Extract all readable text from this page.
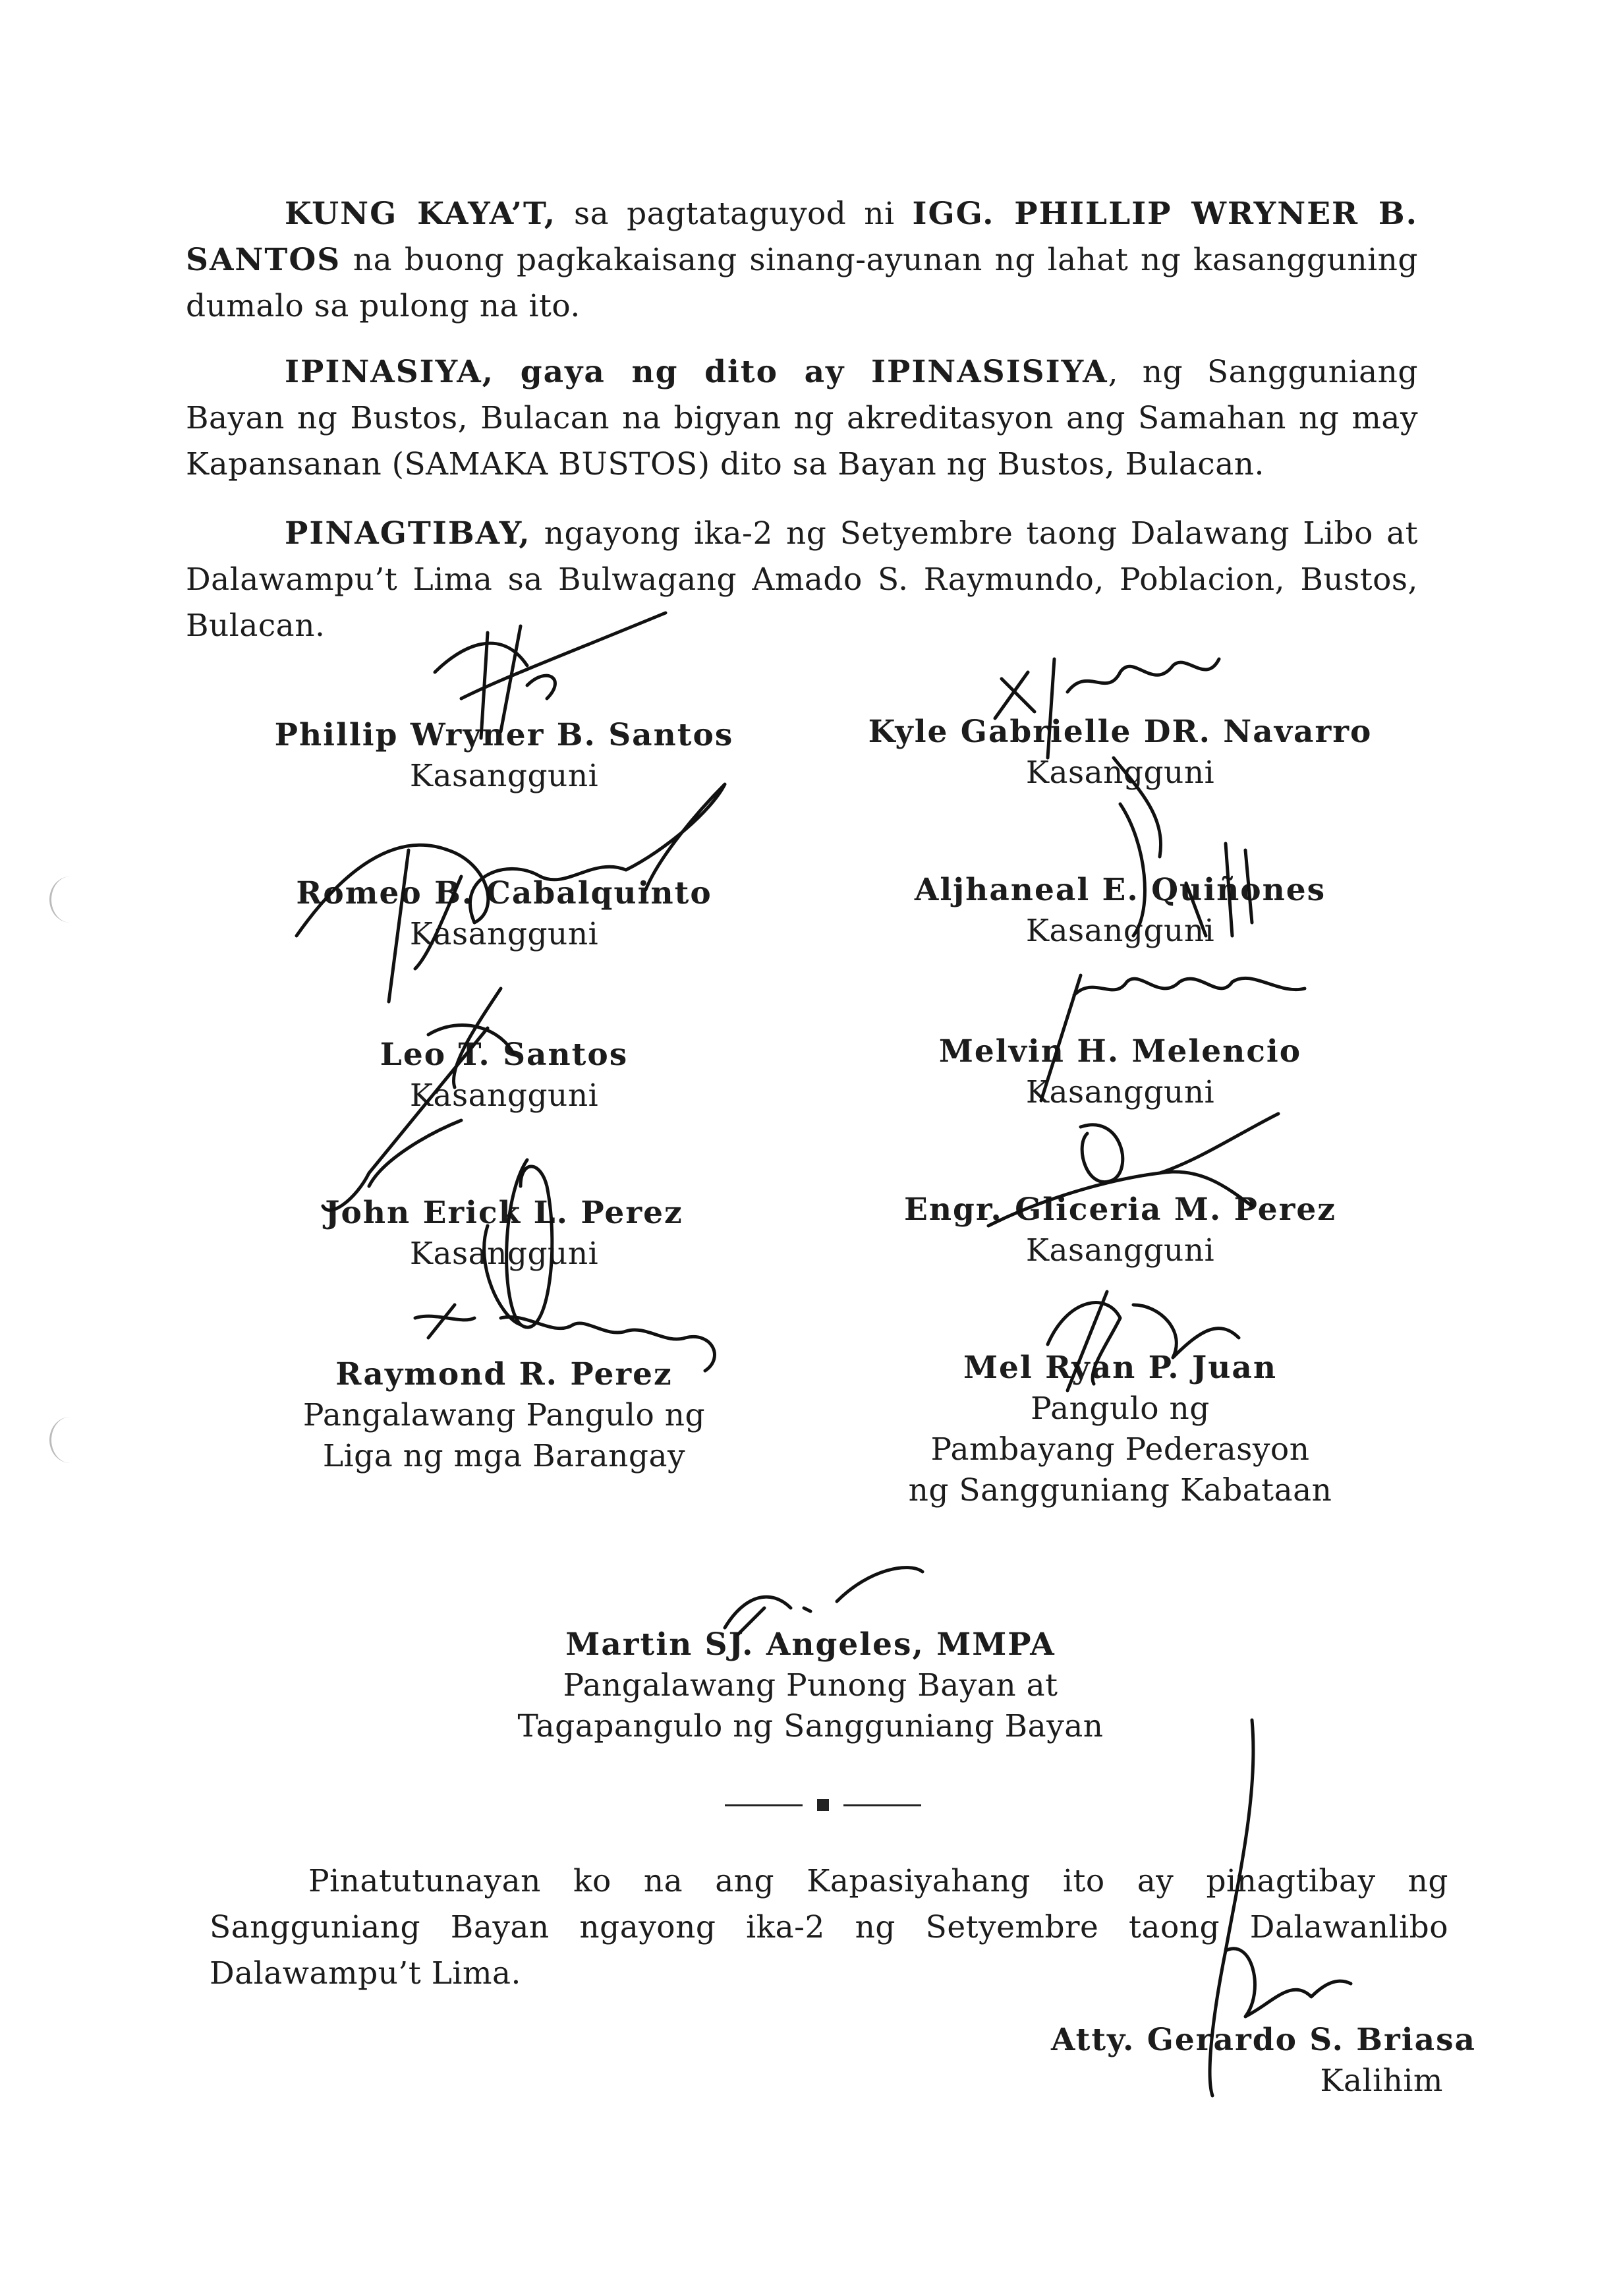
KUNG KAYA’T, sa pagtataguyod ni IGG. PHILLIP WRYNER B. SANTOS na buong pagkakaisang sinang-ayunan ng lahat ng kasangguning dumalo sa pulong na ito.
IPINASIYA, gaya ng dito ay IPINASISIYA, ng Sangguniang Bayan ng Bustos, Bulacan na bigyan ng akreditasyon ang Samahan ng may Kapansanan (SAMAKA BUSTOS) dito sa Bayan ng Bustos, Bulacan.
PINAGTIBAY, ngayong ika-2 ng Setyembre taong Dalawang Libo at Dalawampu’t Lima sa Bulwagang Amado S. Raymundo, Poblacion, Bustos, Bulacan.
Phillip Wryner B. Santos
Kasangguni
Kyle Gabrielle DR. Navarro
Kasangguni
Romeo B. Cabalquinto
Kasangguni
Aljhaneal E. Quiñones
Kasangguni
Leo T. Santos
Kasangguni
Melvin H. Melencio
Kasangguni
John Erick L. Perez
Kasangguni
Engr. Gliceria M. Perez
Kasangguni
Raymond R. Perez
Pangalawang Pangulo ng
Liga ng mga Barangay
Mel Ryan P. Juan
Pangulo ng
Pambayang Pederasyon
ng Sangguniang Kabataan
Martin SJ. Angeles, MMPA
Pangalawang Punong Bayan at
Tagapangulo ng Sangguniang Bayan
Pinatutunayan ko na ang Kapasiyahang ito ay pinagtibay ng Sangguniang Bayan ngayong ika-2 ng Setyembre taong Dalawanlibo Dalawampu’t Lima.
Atty. Gerardo S. Briasa
Kalihim
